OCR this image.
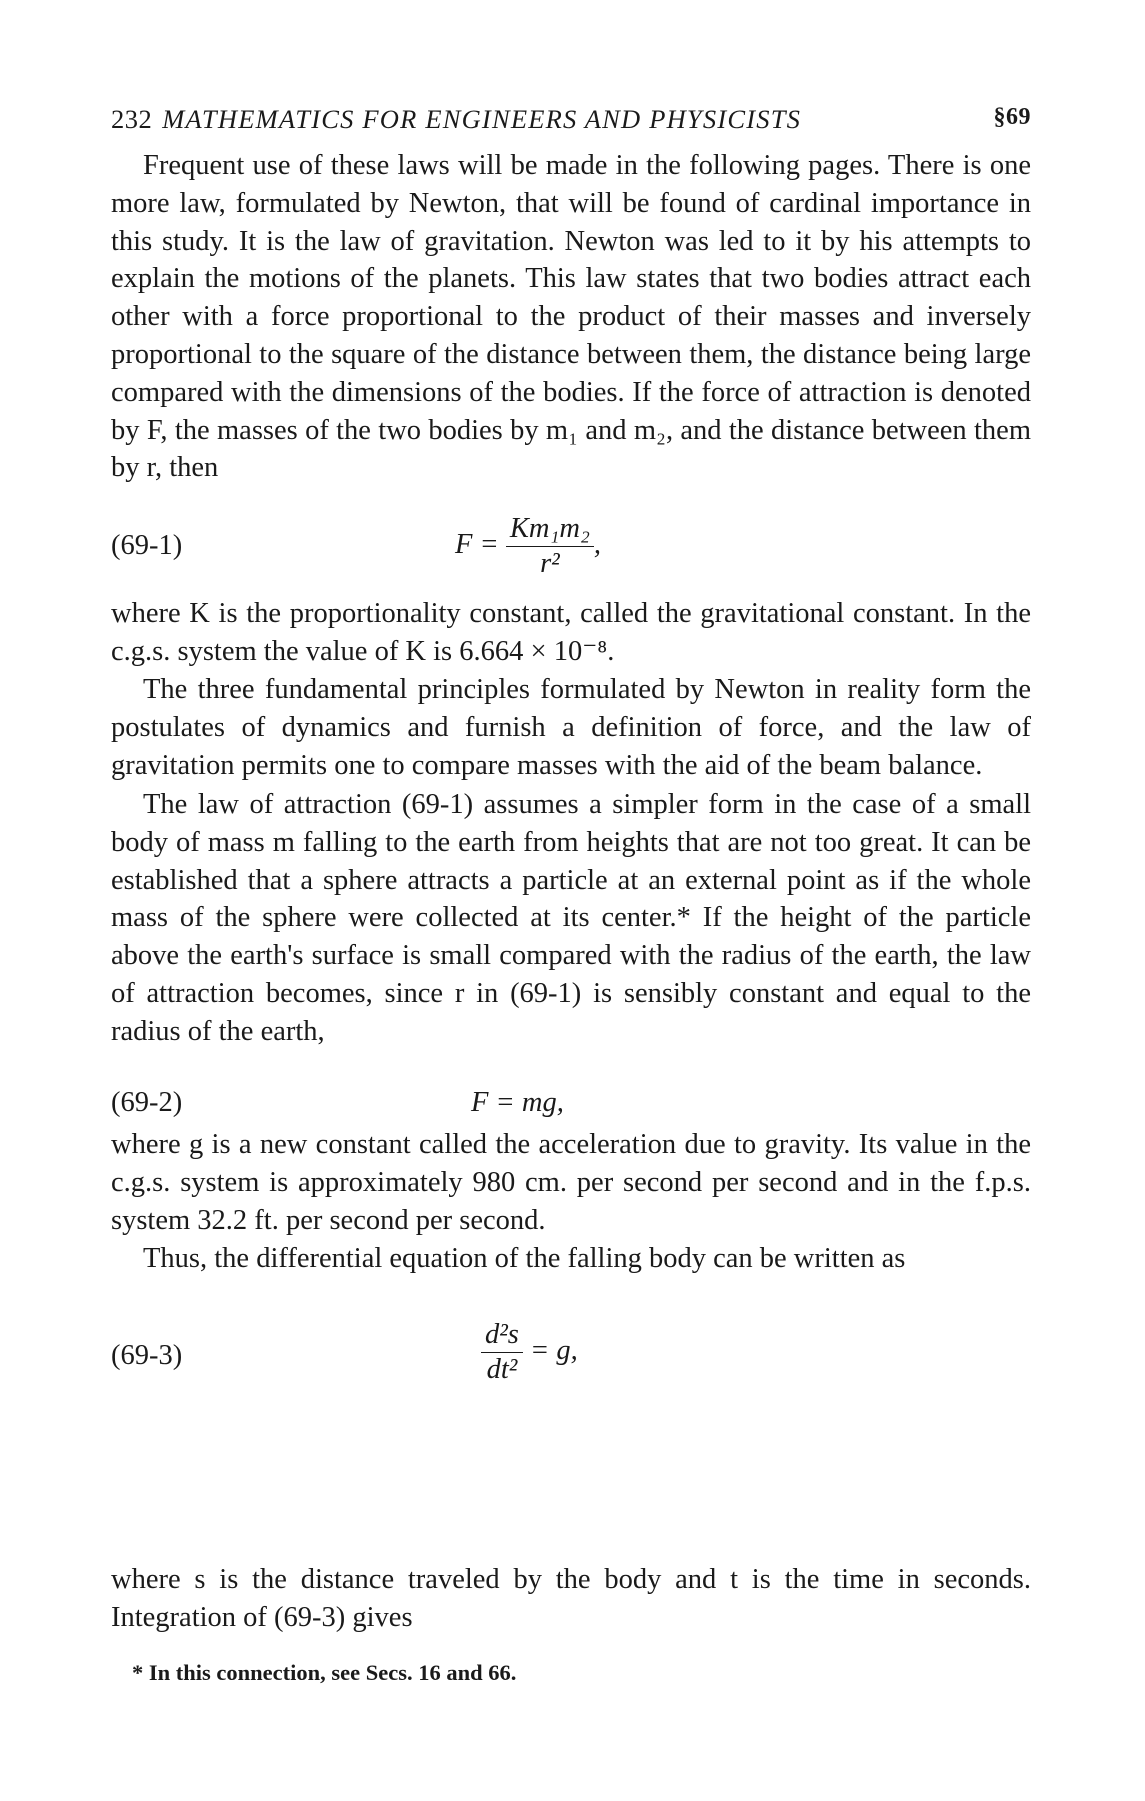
232 MATHEMATICS FOR ENGINEERS AND PHYSICISTS	§69

Frequent use of these laws will be made in the following pages. There is one more law, formulated by Newton, that will be found of cardinal importance in this study. It is the law of gravitation. Newton was led to it by his attempts to explain the motions of the planets. This law states that two bodies attract each other with a force proportional to the product of their masses and inversely proportional to the square of the distance between them, the distance being large compared with the dimensions of the bodies. If the force of attraction is denoted by F, the masses of the two bodies by m₁ and m₂, and the distance between them by r, then

(69-1)	$F = \frac{\text{Km₁m₂}}{\text{r²}}$ ,

where K is the proportionality constant, called the gravitational constant. In the c.g.s. system the value of K is 6.664 × 10⁻⁸.

The three fundamental principles formulated by Newton in reality form the postulates of dynamics and furnish a definition of force, and the law of gravitation permits one to compare masses with the aid of the beam balance.

The law of attraction (69-1) assumes a simpler form in the case of a small body of mass m falling to the earth from heights that are not too great. It can be established that a sphere attracts a particle at an external point as if the whole mass of the sphere were collected at its center.* If the height of the particle above the earth's surface is small compared with the radius of the earth, the law of attraction becomes, since r in (69-1) is sensibly constant and equal to the radius of the earth,

(69-2)	F = mg,

where g is a new constant called the acceleration due to gravity. Its value in the c.g.s. system is approximately 980 cm. per second per second and in the f.p.s. system 32.2 ft. per second per second.

Thus, the differential equation of the falling body can be written as

(69-3)	$\frac{\text{d²s}}{\text{dt²}} = g$,

where s is the distance traveled by the body and t is the time in seconds. Integration of (69-3) gives

* In this connection, see Secs. 16 and 66.
